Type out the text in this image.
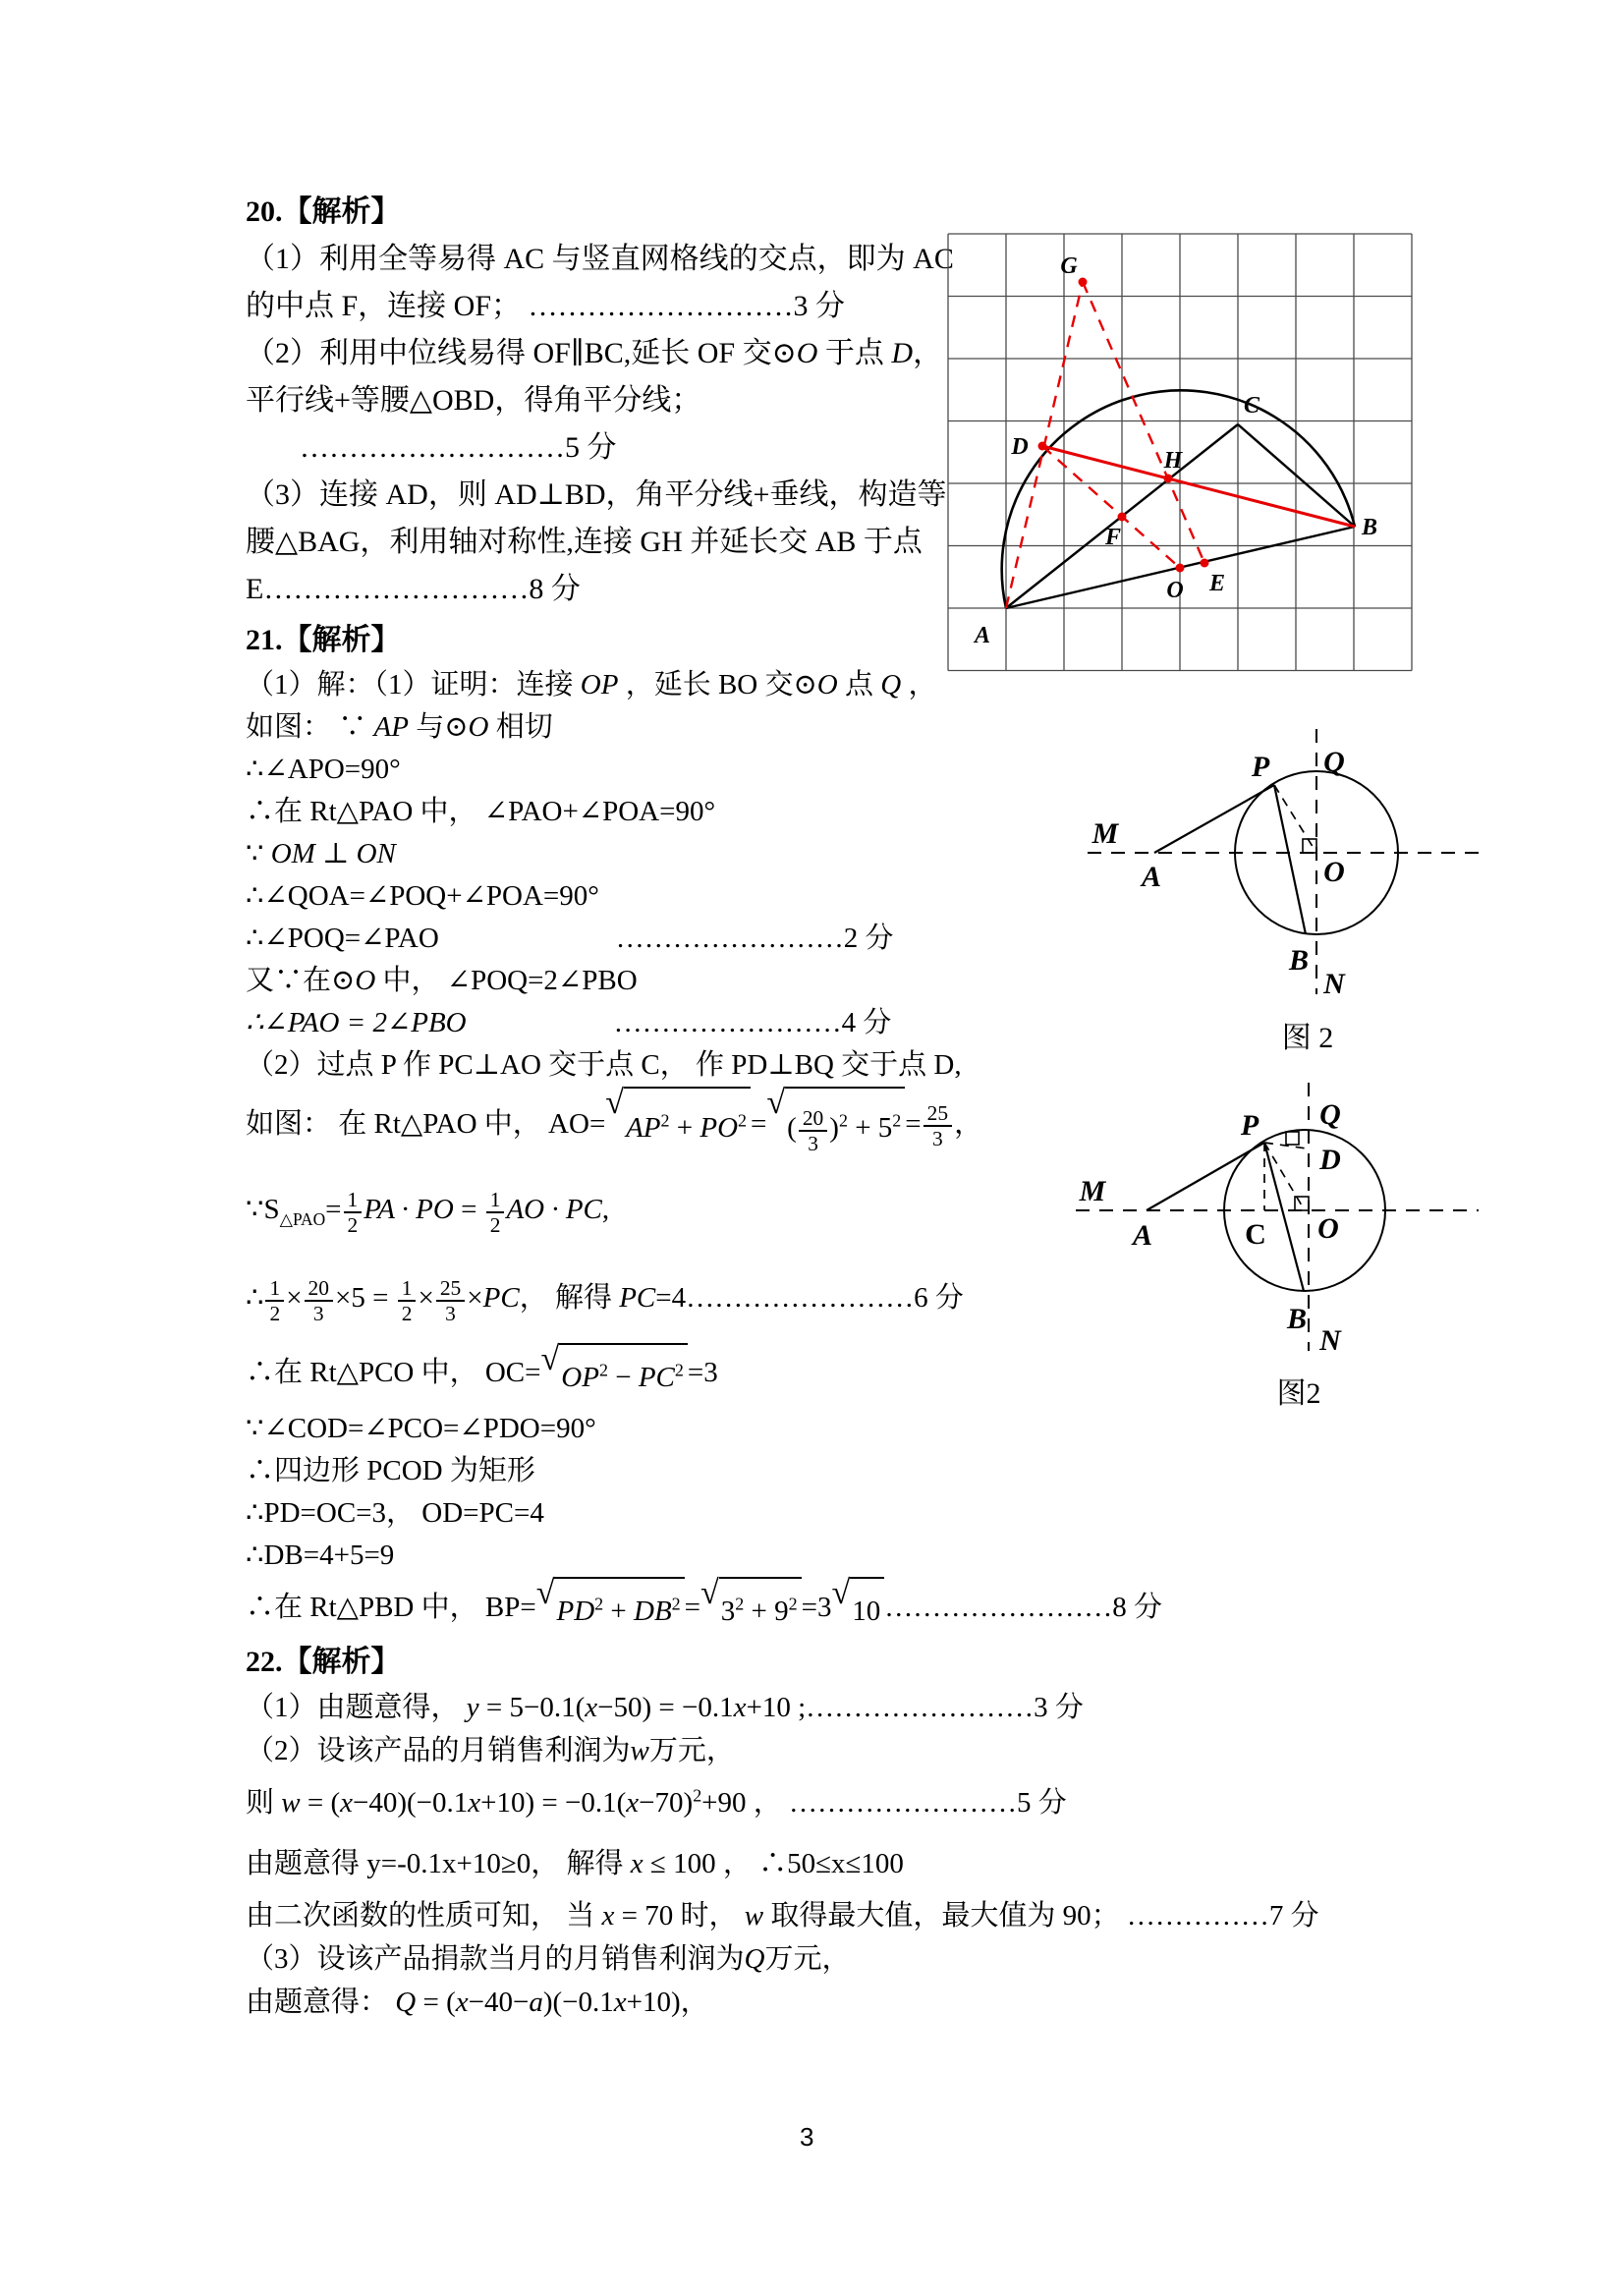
20.【解析】
（1）利用全等易得 AC 与竖直网格线的交点，即为 AC
的中点 F，连接 OF； ………………………3 分
（2）利用中位线易得 OF∥BC,延长 OF 交⊙O 于点 D，
平行线+等腰△OBD，得角平分线；
………………………5 分
（3）连接 AD，则 AD⊥BD，角平分线+垂线，构造等
腰△BAG，利用轴对称性,连接 GH 并延长交 AB 于点
E………………………8 分
21.【解析】
（1）解：（1）证明：连接 OP ，延长 BO 交⊙O 点 Q ，
如图： ∵ AP 与⊙O 相切
∴∠APO=90°
∴在 Rt△PAO 中， ∠PAO+∠POA=90°
∵ OM ⊥ ON
∴∠QOA=∠POQ+∠POA=90°
∴∠POQ=∠PAO	……………………2 分
又∵在⊙O 中， ∠POQ=2∠PBO
∴∠PAO = 2∠PBO	……………………4 分
（2）过点 P 作 PC⊥AO 交于点 C， 作 PD⊥BQ 交于点 D,
如图： 在 Rt△PAO 中， AO=
√
$AP^2 + PO^2$ =
√
( $\frac{20}{3} )^2 + 5^2 = \frac{25}{3}$ ，
$\because S_{\triangle PAO}= \frac{1}{2}$ PA · PO = $\frac{1}{2}$ AO · PC,
∴ $\frac{1}{2} \times \frac{20}{3} \times 5 = \frac{1}{2} \times \frac{25}{3} \times PC$， 解得 PC=4……………………6 分
∴在 Rt△PCO 中， OC= √ $OP^2 - PC^2 =3$
∵∠COD=∠PCO=∠PDO=90°
∴四边形 PCOD 为矩形
∴PD=OC=3， OD=PC=4
∴DB=4+5=9
∴在 Rt△PBD 中， BP= √ $PD^2 + DB^2$ = √ $3^2 + 9^2 =3$ √ 10 ……………………8 分
22.【解析】
（1）由题意得， y = 5−0.1(x−50) = −0.1x+10 ;……………………3 分
（2）设该产品的月销售利润为w万元，
则 $w = (x-40)(-0.1x+10) = -0.1(x-70)^2+90$ ， ……………………5 分
由题意得 y=-0.1x+10≥0， 解得 x ≤ 100 ， ∴50≤x≤100
由二次函数的性质可知， 当 x = 70 时， w 取得最大值，最大值为 90； ……………7 分
（3）设该产品捐款当月的月销售利润为Q万元，
由题意得： Q = (x−40−a)(−0.1x+10)，
G
D
C
H
F
O E
A
B
M
A
P Q
O
B
N
图 2
M
A
P Q
D
C O
B
N
图2
3
